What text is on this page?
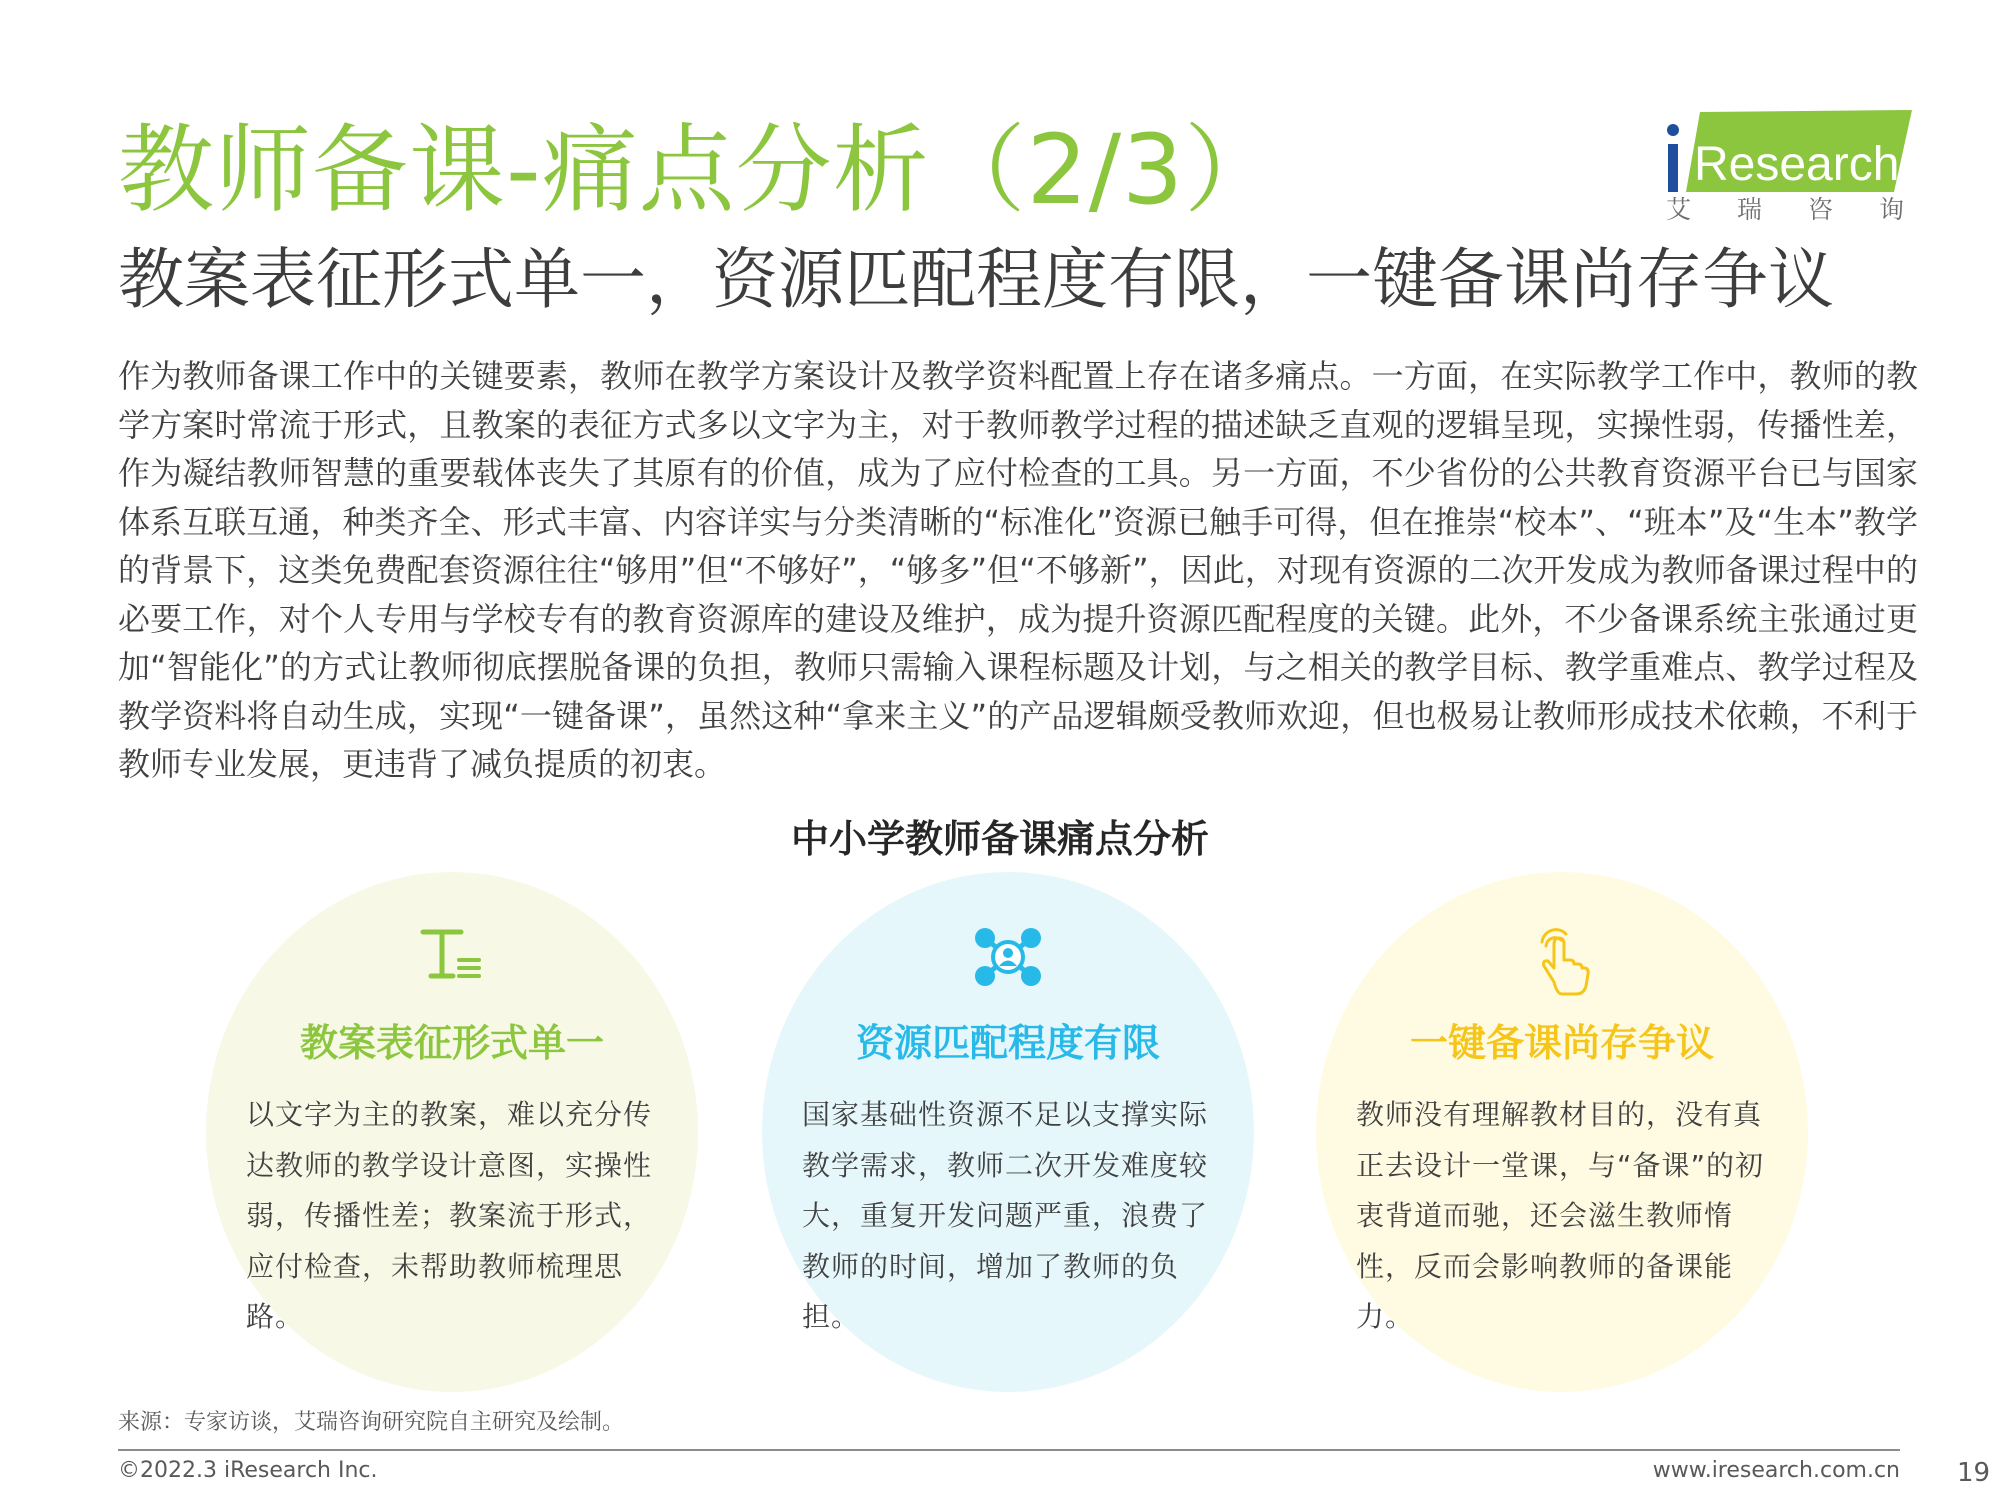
教师备课-痛点分析（2/3）
教案表征形式单一，资源匹配程度有限，一键备课尚存争议
Research
艾瑞咨询
作为教师备课工作中的关键要素，教师在教学方案设计及教学资料配置上存在诸多痛点。一方面，在实际教学工作中，教师的教学方案时常流于形式，且教案的表征方式多以文字为主，对于教师教学过程的描述缺乏直观的逻辑呈现，实操性弱，传播性差，作为凝结教师智慧的重要载体丧失了其原有的价值，成为了应付检查的工具。另一方面，不少省份的公共教育资源平台已与国家体系互联互通，种类齐全、形式丰富、内容详实与分类清晰的“标准化”资源已触手可得，但在推崇“校本”、“班本”及“生本”教学的背景下，这类免费配套资源往往“够用”但“不够好”，“够多”但“不够新”，因此，对现有资源的二次开发成为教师备课过程中的必要工作，对个人专用与学校专有的教育资源库的建设及维护，成为提升资源匹配程度的关键。此外，不少备课系统主张通过更加“智能化”的方式让教师彻底摆脱备课的负担，教师只需输入课程标题及计划，与之相关的教学目标、教学重难点、教学过程及教学资料将自动生成，实现“一键备课”，虽然这种“拿来主义”的产品逻辑颇受教师欢迎，但也极易让教师形成技术依赖，不利于教师专业发展，更违背了减负提质的初衷。
中小学教师备课痛点分析
教案表征形式单一
以文字为主的教案，难以充分传达教师的教学设计意图，实操性弱，传播性差；教案流于形式，应付检查，未帮助教师梳理思路。
资源匹配程度有限
国家基础性资源不足以支撑实际教学需求，教师二次开发难度较大，重复开发问题严重，浪费了教师的时间，增加了教师的负担。
一键备课尚存争议
教师没有理解教材目的，没有真正去设计一堂课，与“备课”的初衷背道而驰，还会滋生教师惰性，反而会影响教师的备课能力。
来源：专家访谈，艾瑞咨询研究院自主研究及绘制。
©2022.3 iResearch Inc.	www.iresearch.com.cn 19
